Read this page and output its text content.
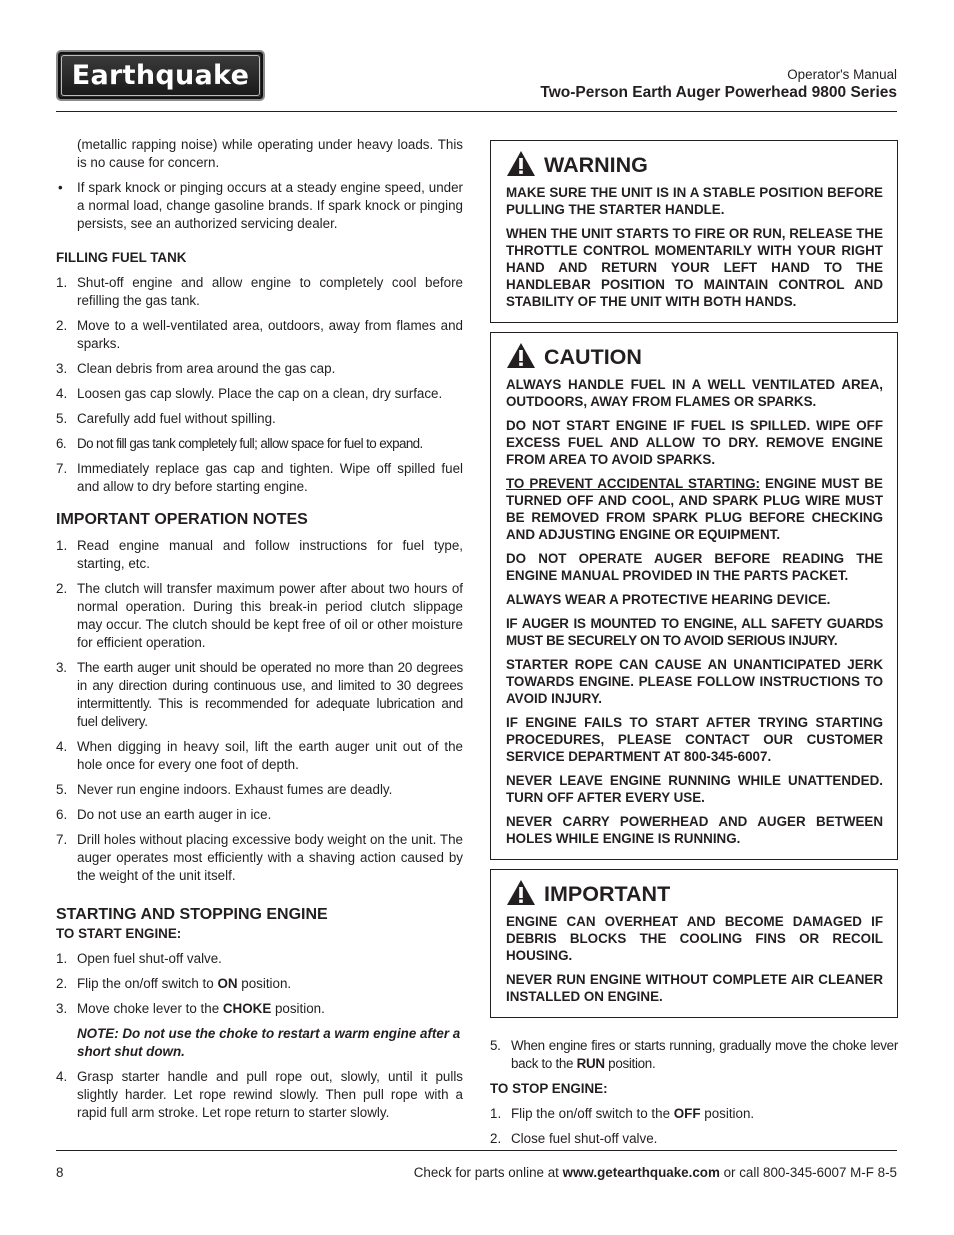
Earthquake	Operator's Manual
Two-Person Earth Auger Powerhead 9800 Series

(metallic rapping noise) while operating under heavy loads. This is no cause for concern.

• If spark knock or pinging occurs at a steady engine speed, under a normal load, change gasoline brands. If spark knock or pinging persists, see an authorized servicing dealer.
FILLING FUEL TANK
1. Shut-off engine and allow engine to completely cool before refilling the gas tank.
2. Move to a well-ventilated area, outdoors, away from flames and sparks.
3. Clean debris from area around the gas cap.
4. Loosen gas cap slowly. Place the cap on a clean, dry surface.
5. Carefully add fuel without spilling.
6. Do not fill gas tank completely full; allow space for fuel to expand.
7. Immediately replace gas cap and tighten. Wipe off spilled fuel and allow to dry before starting engine.
IMPORTANT OPERATION NOTES
1. Read engine manual and follow instructions for fuel type, starting, etc.
2. The clutch will transfer maximum power after about two hours of normal operation. During this break-in period clutch slippage may occur. The clutch should be kept free of oil or other moisture for efficient operation.
3. The earth auger unit should be operated no more than 20 degrees in any direction during continuous use, and limited to 30 degrees intermittently. This is recommended for adequate lubrication and fuel delivery.
4. When digging in heavy soil, lift the earth auger unit out of the hole once for every one foot of depth.
5. Never run engine indoors. Exhaust fumes are deadly.
6. Do not use an earth auger in ice.
7. Drill holes without placing excessive body weight on the unit. The auger operates most efficiently with a shaving action caused by the weight of the unit itself.
STARTING AND STOPPING ENGINE
TO START ENGINE:
1. Open fuel shut-off valve.
2. Flip the on/off switch to ON position.
3. Move choke lever to the CHOKE position.
NOTE: Do not use the choke to restart a warm engine after a short shut down.
4. Grasp starter handle and pull rope out, slowly, until it pulls slightly harder. Let rope rewind slowly. Then pull rope with a rapid full arm stroke. Let rope return to starter slowly.
WARNING

MAKE SURE THE UNIT IS IN A STABLE POSITION BEFORE PULLING THE STARTER HANDLE.

WHEN THE UNIT STARTS TO FIRE OR RUN, RELEASE THE THROTTLE CONTROL MOMENTARILY WITH YOUR RIGHT HAND AND RETURN YOUR LEFT HAND TO THE HANDLEBAR POSITION TO MAINTAIN CONTROL AND STABILITY OF THE UNIT WITH BOTH HANDS.

CAUTION

ALWAYS HANDLE FUEL IN A WELL VENTILATED AREA, OUTDOORS, AWAY FROM FLAMES OR SPARKS.

DO NOT START ENGINE IF FUEL IS SPILLED. WIPE OFF EXCESS FUEL AND ALLOW TO DRY. REMOVE ENGINE FROM AREA TO AVOID SPARKS.

TO PREVENT ACCIDENTAL STARTING: ENGINE MUST BE TURNED OFF AND COOL, AND SPARK PLUG WIRE MUST BE REMOVED FROM SPARK PLUG BEFORE CHECKING AND ADJUSTING ENGINE OR EQUIPMENT.

DO NOT OPERATE AUGER BEFORE READING THE ENGINE MANUAL PROVIDED IN THE PARTS PACKET.

ALWAYS WEAR A PROTECTIVE HEARING DEVICE.

IF AUGER IS MOUNTED TO ENGINE, ALL SAFETY GUARDS MUST BE SECURELY ON TO AVOID SERIOUS INJURY.

STARTER ROPE CAN CAUSE AN UNANTICIPATED JERK TOWARDS ENGINE. PLEASE FOLLOW INSTRUCTIONS TO AVOID INJURY.

IF ENGINE FAILS TO START AFTER TRYING STARTING PROCEDURES, PLEASE CONTACT OUR CUSTOMER SERVICE DEPARTMENT AT 800-345-6007.

NEVER LEAVE ENGINE RUNNING WHILE UNATTENDED. TURN OFF AFTER EVERY USE.

NEVER CARRY POWERHEAD AND AUGER BETWEEN HOLES WHILE ENGINE IS RUNNING.

IMPORTANT

ENGINE CAN OVERHEAT AND BECOME DAMAGED IF DEBRIS BLOCKS THE COOLING FINS OR RECOIL HOUSING.

NEVER RUN ENGINE WITHOUT COMPLETE AIR CLEANER INSTALLED ON ENGINE.

5. When engine fires or starts running, gradually move the choke lever back to the RUN position.
TO STOP ENGINE:
1. Flip the on/off switch to the OFF position.
2. Close fuel shut-off valve.
8	Check for parts online at www.getearthquake.com or call 800-345-6007 M-F 8-5
